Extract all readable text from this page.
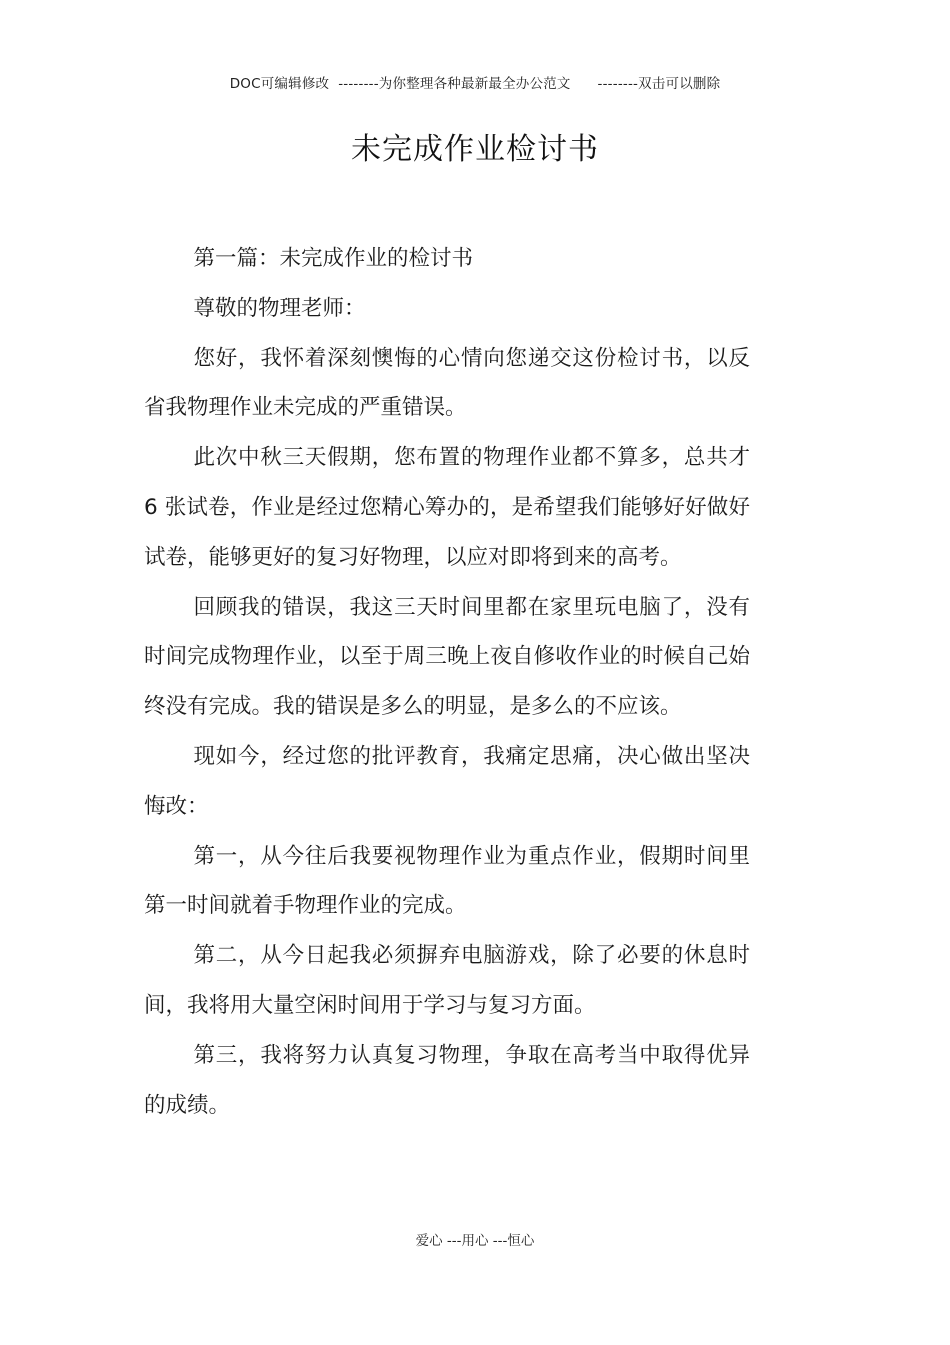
DOC可编辑修改  --------为你整理各种最新最全办公范文      --------双击可以删除
未完成作业检讨书

第一篇：未完成作业的检讨书

尊敬的物理老师：

您好，我怀着深刻懊悔的心情向您递交这份检讨书，以反省我物理作业未完成的严重错误。

此次中秋三天假期，您布置的物理作业都不算多，总共才 6 张试卷，作业是经过您精心筹办的，是希望我们能够好好做好试卷，能够更好的复习好物理，以应对即将到来的高考。

回顾我的错误，我这三天时间里都在家里玩电脑了，没有时间完成物理作业，以至于周三晚上夜自修收作业的时候自己始终没有完成。我的错误是多么的明显，是多么的不应该。

现如今，经过您的批评教育，我痛定思痛，决心做出坚决悔改：

第一，从今往后我要视物理作业为重点作业，假期时间里第一时间就着手物理作业的完成。

第二，从今日起我必须摒弃电脑游戏，除了必要的休息时间，我将用大量空闲时间用于学习与复习方面。

第三，我将努力认真复习物理，争取在高考当中取得优异的成绩。

爱心 ---用心 ---恒心
